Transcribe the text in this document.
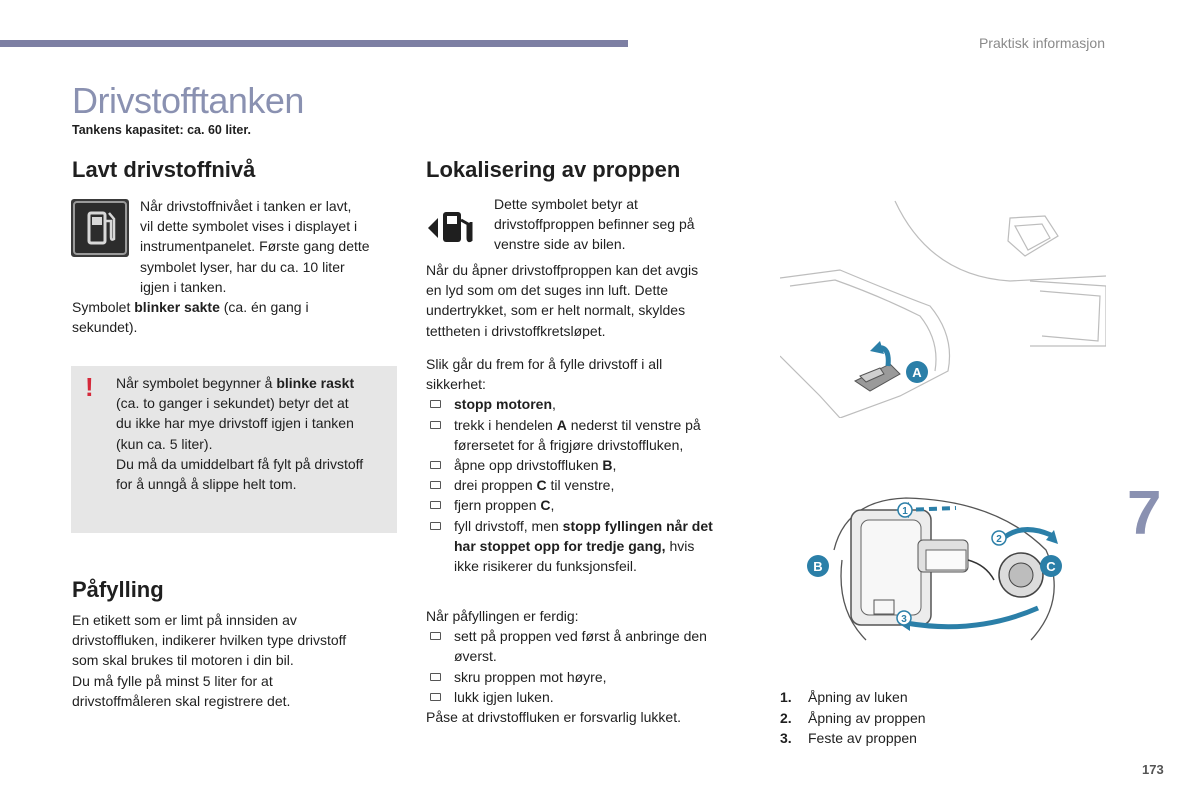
Praktisk informasjon
Drivstofftanken
Tankens kapasitet: ca. 60 liter.
Lavt drivstoffnivå

Når drivstoffnivået i tanken er lavt,

vil dette symbolet vises i displayet i

instrumentpanelet. Første gang dette

symbolet lyser, har du ca. 10 liter

igjen i tanken.

Symbolet blinker sakte (ca. én gang i

sekundet).

! Når symbolet begynner å blinke raskt

(ca. to ganger i sekundet) betyr det at

du ikke har mye drivstoff igjen i tanken

(kun ca. 5 liter).

Du må da umiddelbart få fylt på drivstoff

for å unngå å slippe helt tom.

Påfylling

En etikett som er limt på innsiden av

drivstoffluken, indikerer hvilken type drivstoff

som skal brukes til motoren i din bil.

Du må fylle på minst 5 liter for at

drivstoffmåleren skal registrere det.

Lokalisering av proppen

Dette symbolet betyr at

drivstoffproppen befinner seg på

venstre side av bilen.

Når du åpner drivstoffproppen kan det avgis

en lyd som om det suges inn luft. Dette

undertrykket, som er helt normalt, skyldes

tettheten i drivstoffkretsløpet.

Slik går du frem for å fylle drivstoff i all

sikkerhet:

stopp motoren,

trekk i hendelen A nederst til venstre på
førersetet for å frigjøre drivstoffluken,

åpne opp drivstoffluken B,

drei proppen C til venstre,

fjern proppen C,

fyll drivstoff, men stopp fyllingen når det
har stoppet opp for tredje gang, hvis
ikke risikerer du funksjonsfeil.

Når påfyllingen er ferdig:

sett på proppen ved først å anbringe den
øverst.

skru proppen mot høyre,

lukk igjen luken.

Påse at drivstoffluken er forsvarlig lukket.

A
1
2
3
B	C
1. Åpning av luken
2. Åpning av proppen
3. Feste av proppen
7
173
